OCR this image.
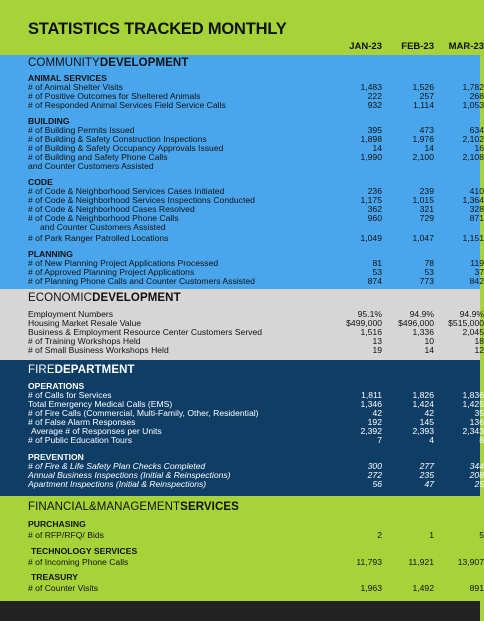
STATISTICS TRACKED MONTHLY
JAN-23	FEB-23	MAR-23
COMMUNITYDEVELOPMENT
ANIMAL SERVICES
# of Animal Shelter Visits	1,483	1,526	1,782
# of Positive Outcomes for Sheltered Animals	222	257	268
# of Responded Animal Services Field Service Calls	932	1,114	1,053
BUILDING
# of Building Permits Issued	395	473	634
# of Building & Safety Construction Inspections	1,898	1,976	2,102
# of Building & Safety Occupancy Approvals Issued	14	14	16
# of Building and Safety Phone Calls	1,990	2,100	2,108
and Counter Customers Assisted
CODE
# of Code & Neighborhood Services Cases Initiated	236	239	410
# of Code & Neighborhood Services Inspections Conducted	1,175	1,015	1,364
# of Code & Neighborhood Cases Resolved	362	321	328
# of Code & Neighborhood Phone Calls	960	729	871
and Counter Customers Assisted
# of Park Ranger Patrolled Locations	1,049	1,047	1,151
PLANNING
# of New Planning Project Applications Processed	81	78	119
# of Approved Planning Project Applications	53	53	37
# of Planning Phone Calls and Counter Customers Assisted	874	773	842
ECONOMICDEVELOPMENT
Employment Numbers	95.1%	94.9%	94.9%
Housing Market Resale Value	$499,000	$496,000	$515,000
Business & Employment Resource Center Customers Served	1,516	1,336	2,045
# of Training Workshops Held	13	10	18
# of Small Business Workshops Held	19	14	12
FIREDEPARTMENT
OPERATIONS
# of Calls for Services	1,811	1,826	1,836
Total Emergency Medical Calls (EMS)	1,346	1,424	1,425
# of Fire Calls (Commercial, Multi-Family, Other, Residential)	42	42	35
# of False Alarm Responses	192	145	136
Average # of Responses per Units	2,392	2,393	2,343
# of Public Education Tours	7	4	8
PREVENTION
# of Fire & Life Safety Plan Checks Completed	300	277	344
Annual Business Inspections (Initial & Reinspections)	272	235	208
Apartment Inspections (Initial & Reinspections)	56	47	25
FINANCIAL&MANAGEMENTSERVICES
PURCHASING
# of RFP/RFQ/ Bids	2	1	5
TECHNOLOGY SERVICES
# of Incoming Phone Calls	11,793	11,921	13,907
TREASURY
# of Counter Visits	1,963	1,492	891
